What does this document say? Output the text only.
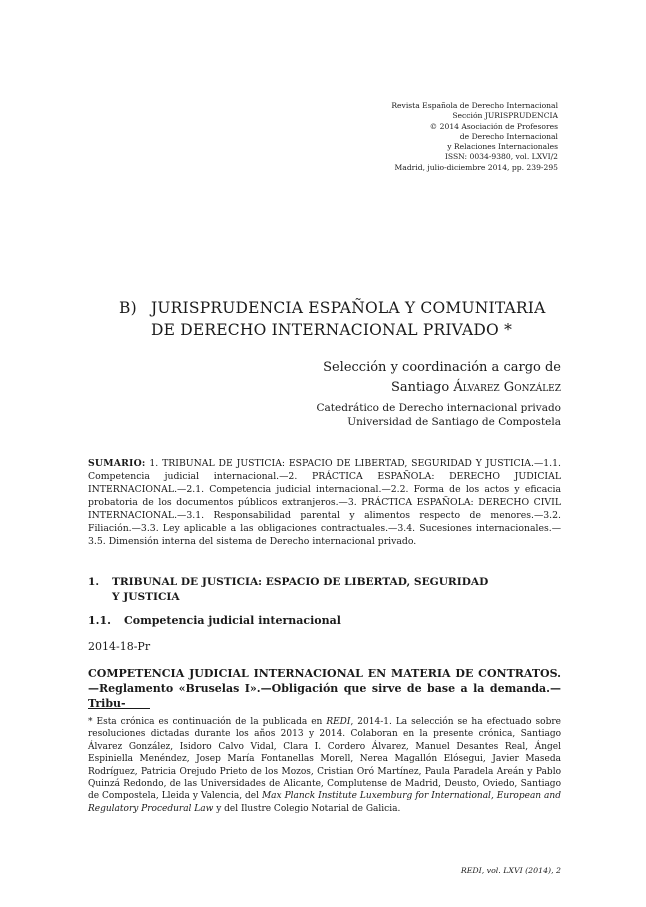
Revista Española de Derecho Internacional
Sección JURISPRUDENCIA
© 2014 Asociación de Profesores
de Derecho Internacional
y Relaciones Internacionales
ISSN: 0034-9380, vol. LXVI/2
Madrid, julio-diciembre 2014, pp. 239-295
B) JURISPRUDENCIA ESPAÑOLA Y COMUNITARIA
DE DERECHO INTERNACIONAL PRIVADO *
Selección y coordinación a cargo de
Santiago Álvarez González
Catedrático de Derecho internacional privado
Universidad de Santiago de Compostela
SUMARIO: 1. TRIBUNAL DE JUSTICIA: ESPACIO DE LIBERTAD, SEGURIDAD Y JUSTICIA.—1.1. Competencia judicial internacional.—2. PRÁCTICA ESPAÑOLA: DERECHO JUDICIAL INTERNACIONAL.—2.1. Competencia judicial internacional.—2.2. Forma de los actos y eficacia probatoria de los documentos públicos extranjeros.—3. PRÁCTICA ESPAÑOLA: DERECHO CIVIL INTERNACIONAL.—3.1. Responsabilidad parental y alimentos respecto de menores.—3.2. Filiación.—3.3. Ley aplicable a las obligaciones contractuales.—3.4. Sucesiones internacionales.—3.5. Dimensión interna del sistema de Derecho internacional privado.
1. TRIBUNAL DE JUSTICIA: ESPACIO DE LIBERTAD, SEGURIDAD
Y JUSTICIA
1.1. Competencia judicial internacional
2014-18-Pr
COMPETENCIA JUDICIAL INTERNACIONAL EN MATERIA DE CONTRATOS.—Reglamento «Bruselas I».—Obligación que sirve de base a la demanda.—Tribu-
* Esta crónica es continuación de la publicada en REDI, 2014-1. La selección se ha efectuado sobre resoluciones dictadas durante los años 2013 y 2014. Colaboran en la presente crónica, Santiago Álvarez González, Isidoro Calvo Vidal, Clara I. Cordero Álvarez, Manuel Desantes Real, Ángel Espiniella Menéndez, Josep María Fontanellas Morell, Nerea Magallón Elósegui, Javier Maseda Rodríguez, Patricia Orejudo Prieto de los Mozos, Cristian Oró Martínez, Paula Paradela Areán y Pablo Quinzá Redondo, de las Universidades de Alicante, Complutense de Madrid, Deusto, Oviedo, Santiago de Compostela, Lleida y Valencia, del Max Planck Institute Luxemburg for International, European and Regulatory Procedural Law y del Ilustre Colegio Notarial de Galicia.
REDI, vol. LXVI (2014), 2
